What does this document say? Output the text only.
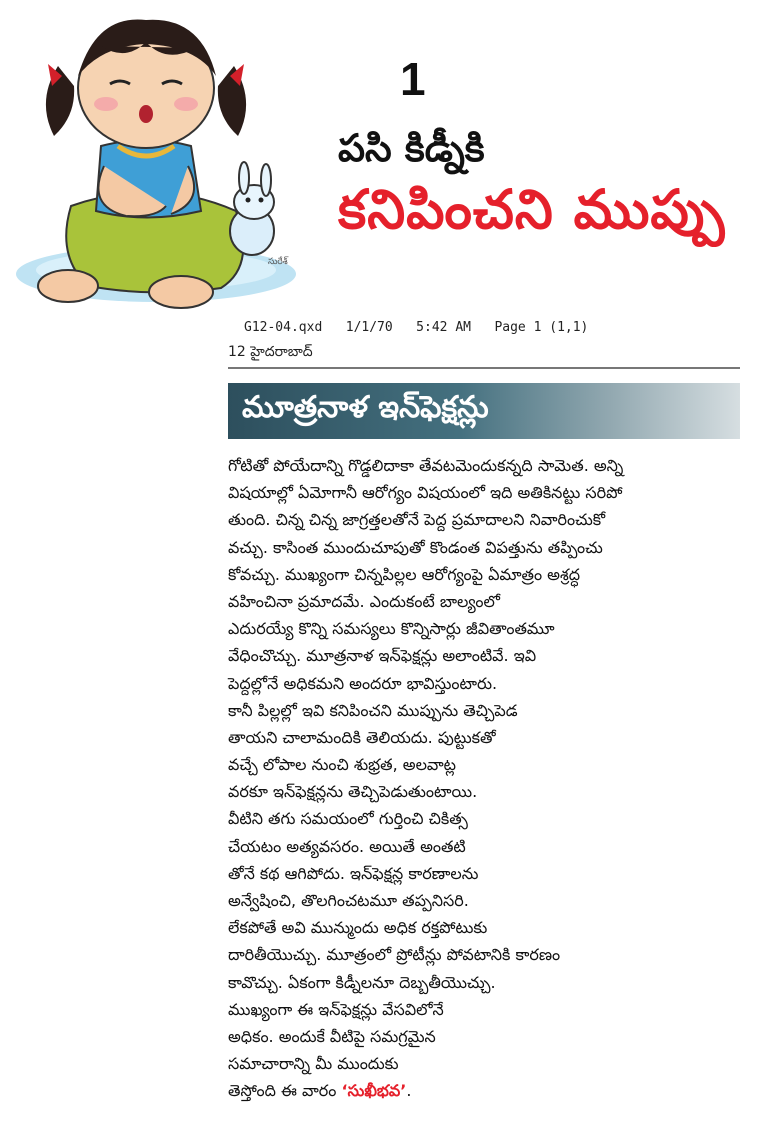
సురేశ్
1
పసి కిడ్నీకి
కనిపించని ముప్పు
G12-04.qxd   1/1/70   5:42 AM   Page 1 (1,1)
12 హైదరాబాద్
మూత్రనాళ ఇన్‌ఫెక్షన్లు
గోటితో పోయేదాన్ని గొడ్డలిదాకా తేవటమెందుకన్నది సామెత. అన్ని
విషయాల్లో ఏమోగానీ ఆరోగ్యం విషయంలో ఇది అతికినట్టు సరిపో
తుంది. చిన్న చిన్న జాగ్రత్తలతోనే పెద్ద ప్రమాదాలని నివారించుకో
వచ్చు. కాసింత ముందుచూపుతో కొండంత విపత్తును తప్పించు
కోవచ్చు. ముఖ్యంగా చిన్నపిల్లల ఆరోగ్యంపై ఏమాత్రం అశ్రద్ధ
వహించినా ప్రమాదమే. ఎందుకంటే బాల్యంలో
ఎదురయ్యే కొన్ని సమస్యలు కొన్నిసార్లు జీవితాంతమూ
వేధించొచ్చు. మూత్రనాళ ఇన్‌ఫెక్షన్లు అలాంటివే. ఇవి
పెద్దల్లోనే అధికమని అందరూ భావిస్తుంటారు.
కానీ పిల్లల్లో ఇవి కనిపించని ముప్పును తెచ్చిపెడ
తాయని చాలామందికి తెలియదు. పుట్టుకతో
వచ్చే లోపాల నుంచి శుభ్రత, అలవాట్ల
వరకూ ఇన్‌ఫెక్షన్లను తెచ్చిపెడుతుంటాయి.
వీటిని తగు సమయంలో గుర్తించి చికిత్స
చేయటం అత్యవసరం. అయితే అంతటి
తోనే కథ ఆగిపోదు. ఇన్‌ఫెక్షన్ల కారణాలను
అన్వేషించి, తొలగించటమూ తప్పనిసరి.
లేకపోతే అవి మున్ముందు అధిక రక్తపోటుకు
దారితీయొచ్చు. మూత్రంలో ప్రోటీన్లు పోవటానికి కారణం
కావొచ్చు. ఏకంగా కిడ్నీలనూ దెబ్బతీయొచ్చు.
ముఖ్యంగా ఈ ఇన్‌ఫెక్షన్లు వేసవిలోనే
అధికం. అందుకే వీటిపై సమగ్రమైన
సమాచారాన్ని మీ ముందుకు
తెస్తోంది ఈ వారం ‘సుఖీభవ’.
